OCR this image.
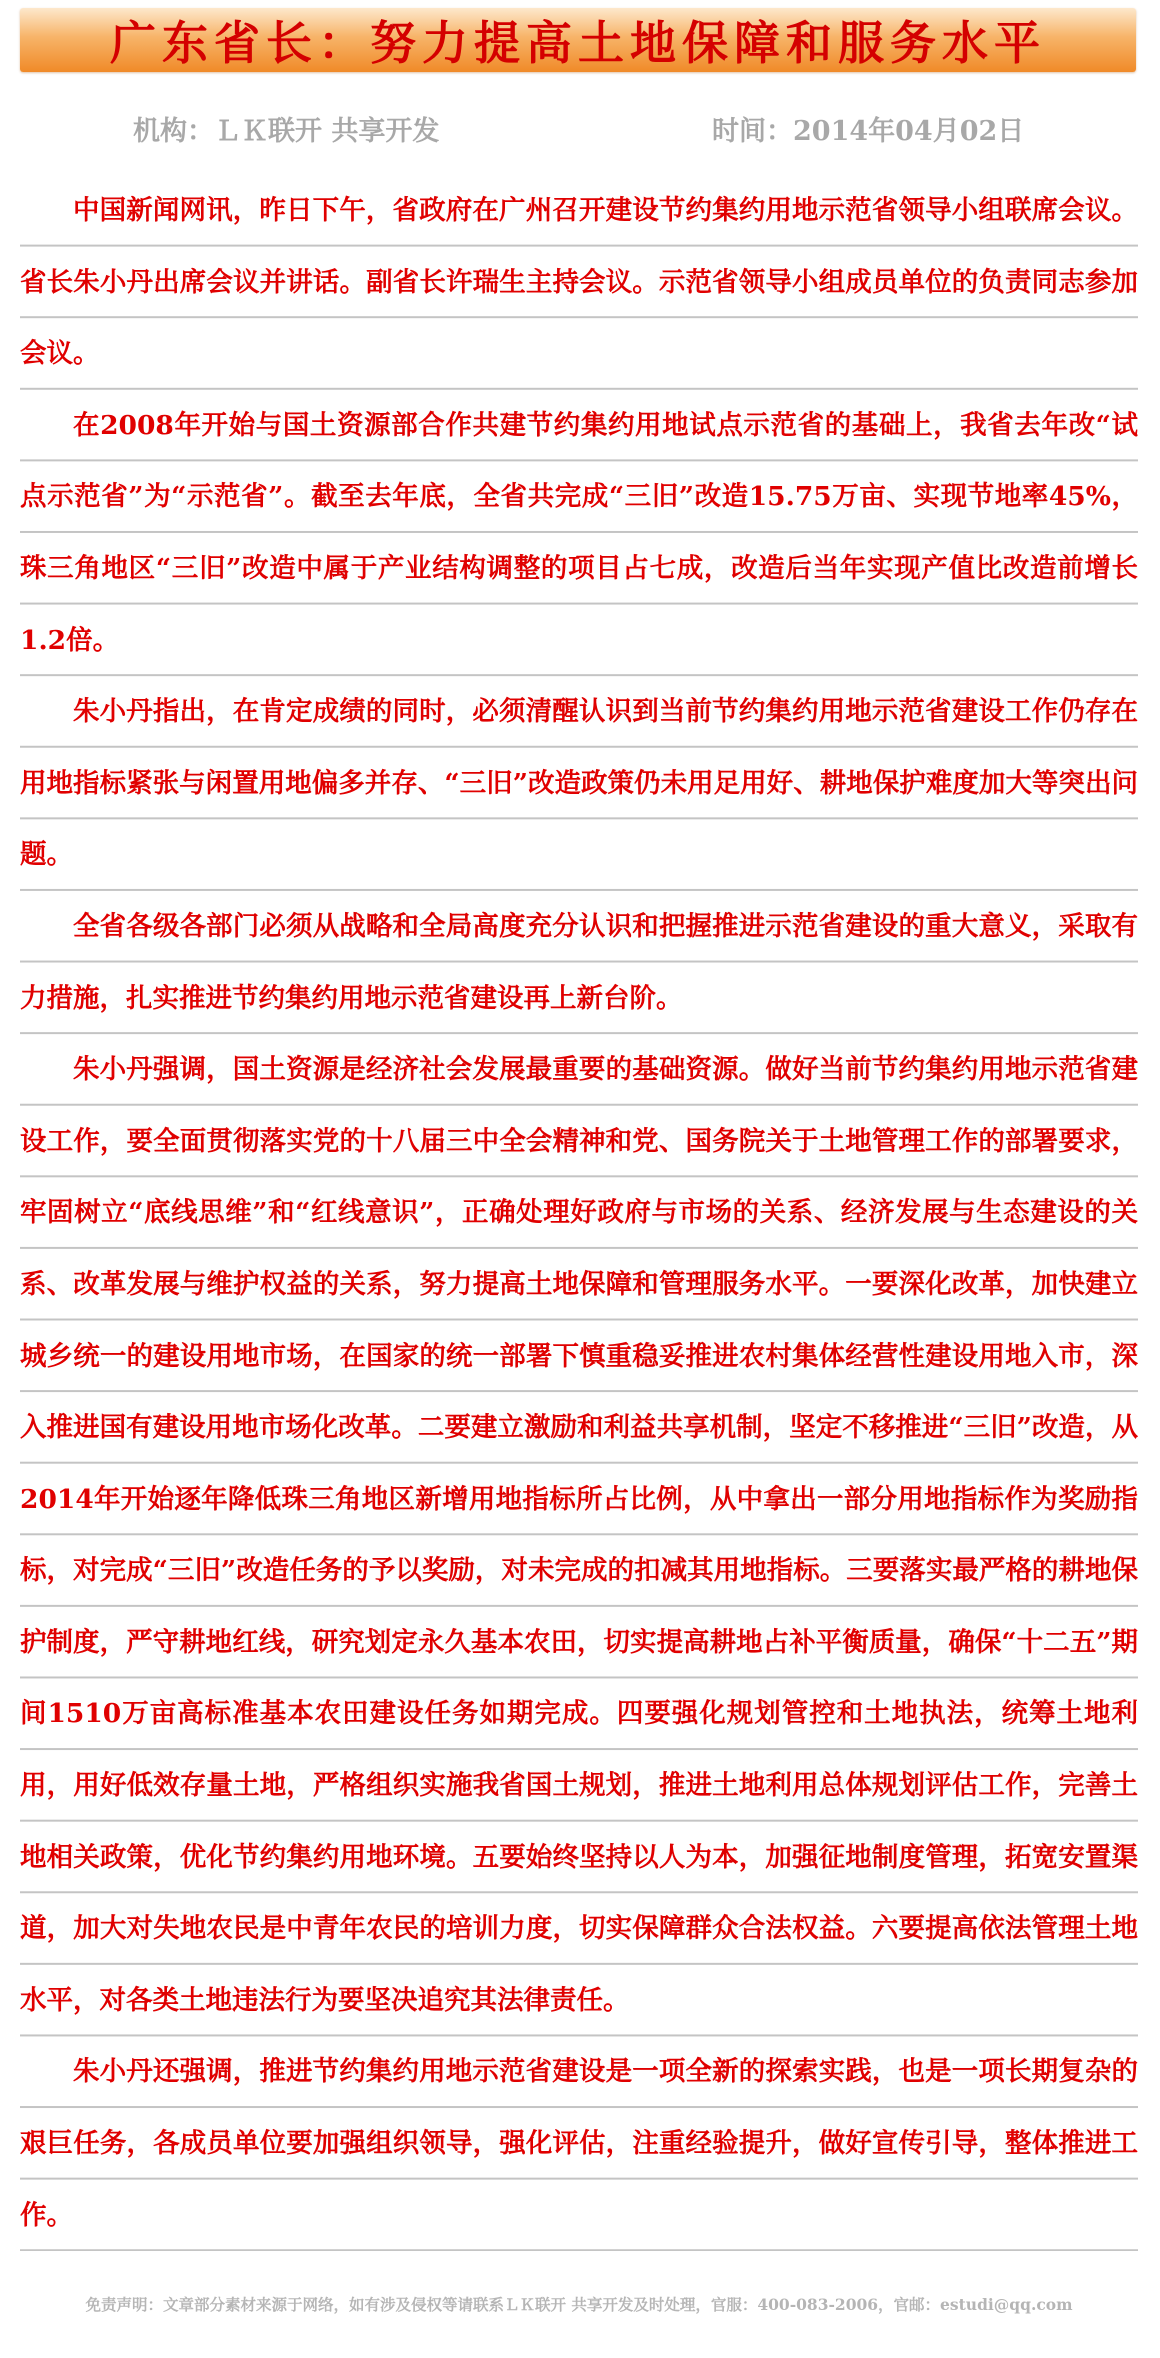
广东省长：努力提高土地保障和服务水平
机构：ＬＫ联开 共享开发	时间：2014年04月02日

中国新闻网讯，昨日下午，省政府在广州召开建设节约集约用地示范省领导小组联席会议。省长朱小丹出席会议并讲话。副省长许瑞生主持会议。示范省领导小组成员单位的负责同志参加会议。

在2008年开始与国土资源部合作共建节约集约用地试点示范省的基础上，我省去年改“试点示范省”为“示范省”。截至去年底，全省共完成“三旧”改造15.75万亩、实现节地率45%，珠三角地区“三旧”改造中属于产业结构调整的项目占七成，改造后当年实现产值比改造前增长1.2倍。

朱小丹指出，在肯定成绩的同时，必须清醒认识到当前节约集约用地示范省建设工作仍存在用地指标紧张与闲置用地偏多并存、“三旧”改造政策仍未用足用好、耕地保护难度加大等突出问题。

全省各级各部门必须从战略和全局高度充分认识和把握推进示范省建设的重大意义，采取有力措施，扎实推进节约集约用地示范省建设再上新台阶。

朱小丹强调，国土资源是经济社会发展最重要的基础资源。做好当前节约集约用地示范省建设工作，要全面贯彻落实党的十八届三中全会精神和党、国务院关于土地管理工作的部署要求，牢固树立“底线思维”和“红线意识”，正确处理好政府与市场的关系、经济发展与生态建设的关系、改革发展与维护权益的关系，努力提高土地保障和管理服务水平。一要深化改革，加快建立城乡统一的建设用地市场，在国家的统一部署下慎重稳妥推进农村集体经营性建设用地入市，深入推进国有建设用地市场化改革。二要建立激励和利益共享机制，坚定不移推进“三旧”改造，从2014年开始逐年降低珠三角地区新增用地指标所占比例，从中拿出一部分用地指标作为奖励指标，对完成“三旧”改造任务的予以奖励，对未完成的扣减其用地指标。三要落实最严格的耕地保护制度，严守耕地红线，研究划定永久基本农田，切实提高耕地占补平衡质量，确保“十二五”期间1510万亩高标准基本农田建设任务如期完成。四要强化规划管控和土地执法，统筹土地利用，用好低效存量土地，严格组织实施我省国土规划，推进土地利用总体规划评估工作，完善土地相关政策，优化节约集约用地环境。五要始终坚持以人为本，加强征地制度管理，拓宽安置渠道，加大对失地农民是中青年农民的培训力度，切实保障群众合法权益。六要提高依法管理土地水平，对各类土地违法行为要坚决追究其法律责任。

朱小丹还强调，推进节约集约用地示范省建设是一项全新的探索实践，也是一项长期复杂的艰巨任务，各成员单位要加强组织领导，强化评估，注重经验提升，做好宣传引导，整体推进工作。

免责声明：文章部分素材来源于网络，如有涉及侵权等请联系ＬＫ联开 共享开发及时处理，官服：400-083-2006，官邮：estudi@qq.com
